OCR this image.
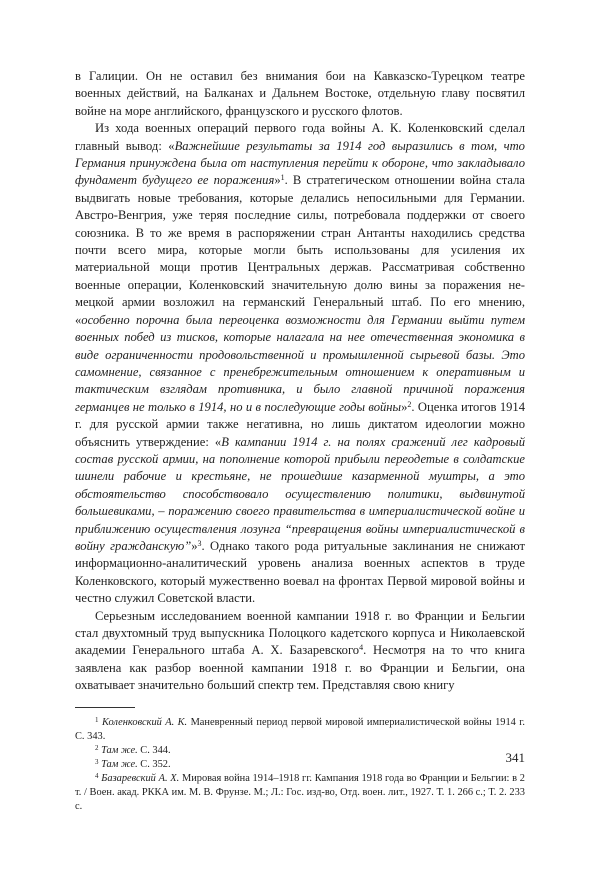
в Галиции. Он не оставил без внимания бои на Кавказско-Турецком театре военных действий, на Балканах и Дальнем Востоке, отдельную главу посвятил войне на море английского, французского и русского флотов.

Из хода военных операций первого года войны А. К. Коленковский сделал главный вывод: «Важнейшие результаты за 1914 год выразились в том, что Германия принуждена была от наступления перейти к обороне, что закладывало фундамент будущего ее поражения»$^1$. В стратегическом отношении война стала выдвигать новые требования, которые делались непосильными для Германии. Австро-Венгрия, уже теряя последние силы, потребовала поддержки от своего союзника. В то же время в распоряжении стран Антанты находились средства почти всего мира, которые могли быть использованы для усиления их материальной мощи против Центральных держав. Рассматривая собственно военные операции, Коленковский значительную долю вины за поражения немецкой армии возложил на германский Генеральный штаб. По его мнению, «особенно порочна была переоценка возможности для Германии выйти путем военных побед из тисков, которые налагала на нее отечественная экономика в виде ограниченности продовольственной и промышленной сырьевой базы. Это самомнение, связанное с пренебрежительным отношением к оперативным и тактическим взглядам противника, и было главной причиной поражения германцев не только в 1914, но и в последующие годы войны»$^2$. Оценка итогов 1914 г. для русской армии также негативна, но лишь диктатом идеологии можно объяснить утверждение: «В кампании 1914 г. на полях сражений лег кадровый состав русской армии, на пополнение которой прибыли переодетые в солдатские шинели рабочие и крестьяне, не прошедшие казарменной муштры, а это обстоятельство способствовало осуществлению политики, выдвинутой большевиками, – поражению своего правительства в империалистической войне и приближению осуществления лозунга “превращения войны империалистической в войну гражданскую”»$^3$. Однако такого рода ритуальные заклинания не снижают информационно-аналитический уровень анализа военных аспектов в труде Коленковского, который мужественно воевал на фронтах Первой мировой войны и честно служил Советской власти.

Серьезным исследованием военной кампании 1918 г. во Франции и Бельгии стал двухтомный труд выпускника Полоцкого кадетского корпуса и Николаевской академии Генерального штаба А. Х. Базаревского$^4$. Несмотря на то что книга заявлена как разбор военной кампании 1918 г. во Франции и Бельгии, она охватывает значительно больший спектр тем. Представляя свою книгу

$^1$ Коленковский А. К. Маневренный период первой мировой империалистической войны 1914 г. С. 343.

$^2$ Там же. С. 344.

$^3$ Там же. С. 352.

$^4$ Базаревский А. Х. Мировая война 1914–1918 гг. Кампания 1918 года во Франции и Бельгии: в 2 т. / Воен. акад. РККА им. М. В. Фрунзе. М.; Л.: Гос. изд-во, Отд. воен. лит., 1927. Т. 1. 266 с.; Т. 2. 233 с.

341
